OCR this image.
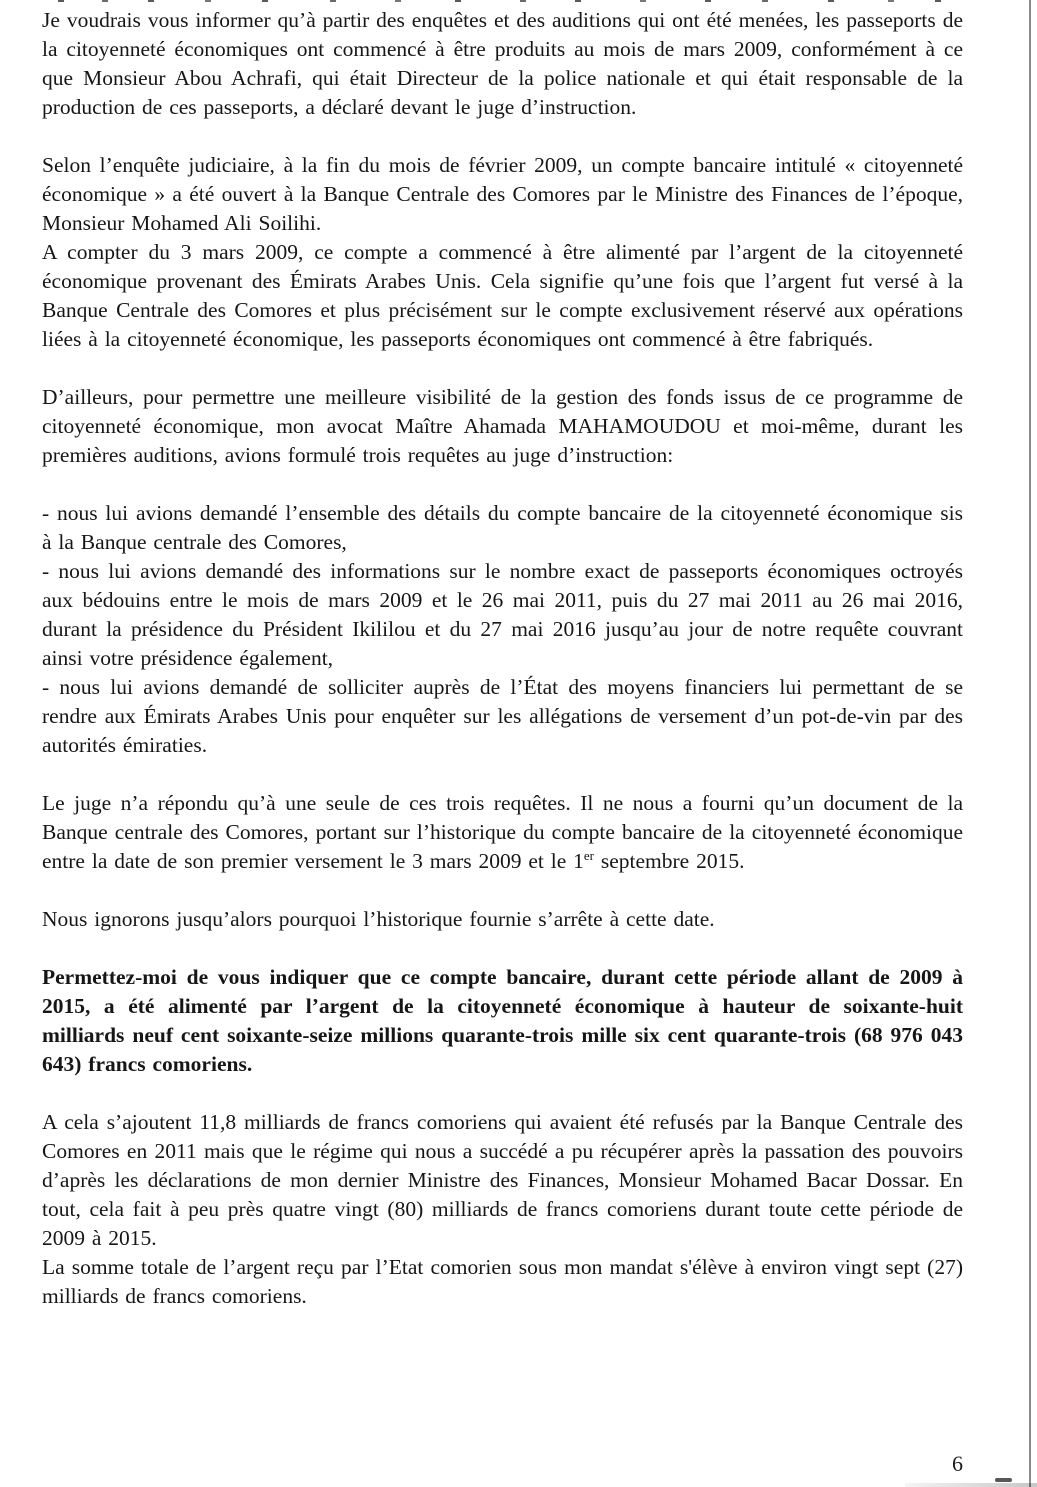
Je voudrais vous informer qu’à partir des enquêtes et des auditions qui ont été menées, les passeports de la citoyenneté économiques ont commencé à être produits au mois de mars 2009, conformément à ce que Monsieur Abou Achrafi, qui était Directeur de la police nationale et qui était responsable de la production de ces passeports, a déclaré devant le juge d’instruction.

Selon l’enquête judiciaire, à la fin du mois de février 2009, un compte bancaire intitulé « citoyenneté économique » a été ouvert à la Banque Centrale des Comores par le Ministre des Finances de l’époque, Monsieur Mohamed Ali Soilihi.

A compter du 3 mars 2009, ce compte a commencé à être alimenté par l’argent de la citoyenneté économique provenant des Émirats Arabes Unis. Cela signifie qu’une fois que l’argent fut versé à la Banque Centrale des Comores et plus précisément sur le compte exclusivement réservé aux opérations liées à la citoyenneté économique, les passeports économiques ont commencé à être fabriqués.

D’ailleurs, pour permettre une meilleure visibilité de la gestion des fonds issus de ce programme de citoyenneté économique, mon avocat Maître Ahamada MAHAMOUDOU et moi-même, durant les premières auditions, avions formulé trois requêtes au juge d’instruction:

- nous lui avions demandé l’ensemble des détails du compte bancaire de la citoyenneté économique sis à la Banque centrale des Comores,

- nous lui avions demandé des informations sur le nombre exact de passeports économiques octroyés aux bédouins entre le mois de mars 2009 et le 26 mai 2011, puis du 27 mai 2011 au 26 mai 2016, durant la présidence du Président Ikililou et du 27 mai 2016 jusqu’au jour de notre requête couvrant ainsi votre présidence également,

- nous lui avions demandé de solliciter auprès de l’État des moyens financiers lui permettant de se rendre aux Émirats Arabes Unis pour enquêter sur les allégations de versement d’un pot-de-vin par des autorités émiraties.

Le juge n’a répondu qu’à une seule de ces trois requêtes. Il ne nous a fourni qu’un document de la Banque centrale des Comores, portant sur l’historique du compte bancaire de la citoyenneté économique entre la date de son premier versement le 3 mars 2009 et le 1er septembre 2015.

Nous ignorons jusqu’alors pourquoi l’historique fournie s’arrête à cette date.

Permettez-moi de vous indiquer que ce compte bancaire, durant cette période allant de 2009 à 2015, a été alimenté par l’argent de la citoyenneté économique à hauteur de soixante-huit milliards neuf cent soixante-seize millions quarante-trois mille six cent quarante-trois (68 976 043 643) francs comoriens.

A cela s’ajoutent 11,8 milliards de francs comoriens qui avaient été refusés par la Banque Centrale des Comores en 2011 mais que le régime qui nous a succédé a pu récupérer après la passation des pouvoirs d’après les déclarations de mon dernier Ministre des Finances, Monsieur Mohamed Bacar Dossar. En tout, cela fait à peu près quatre vingt (80) milliards de francs comoriens durant toute cette période de 2009 à 2015.

La somme totale de l’argent reçu par l’Etat comorien sous mon mandat s'élève à environ vingt sept (27) milliards de francs comoriens.

6
